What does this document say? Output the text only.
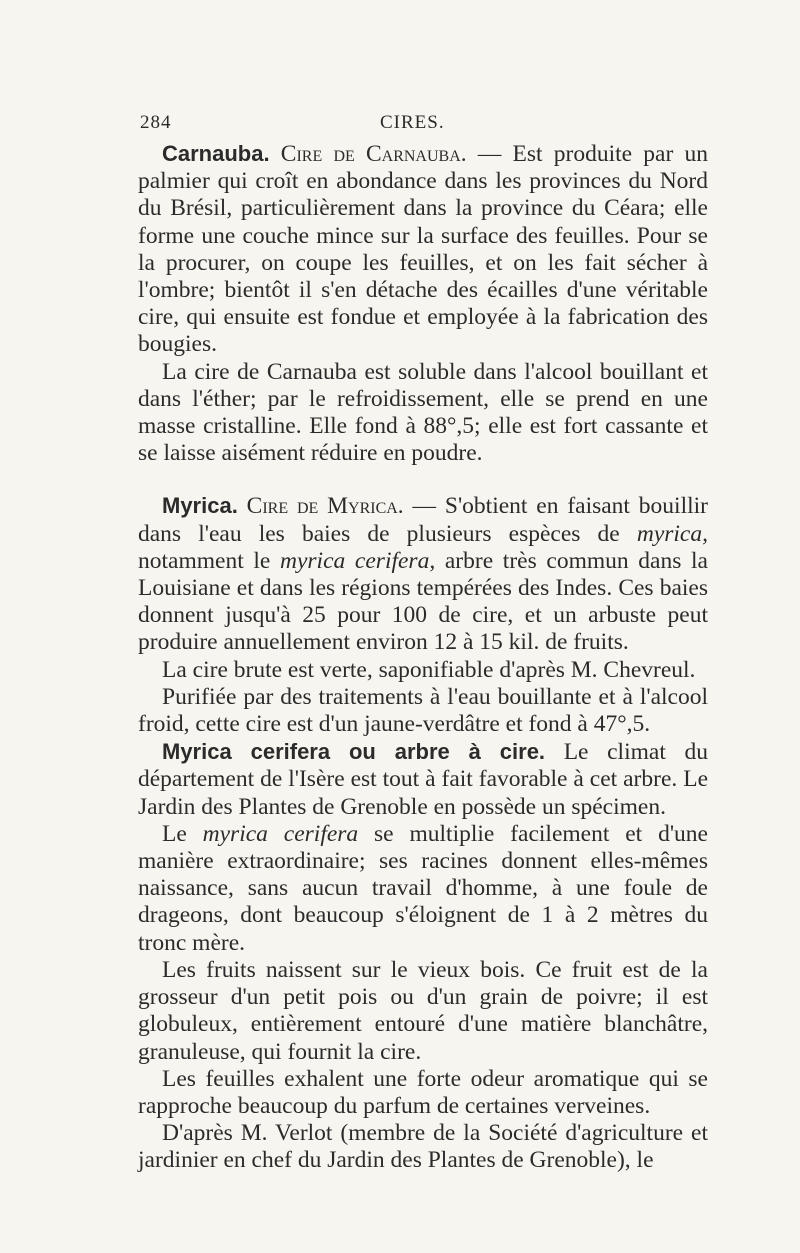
284	CIRES.

Carnauba. Cire de Carnauba. — Est produite par un palmier qui croît en abondance dans les provinces du Nord du Brésil, particulièrement dans la province du Céara; elle forme une couche mince sur la surface des feuilles. Pour se la procurer, on coupe les feuilles, et on les fait sécher à l'ombre; bientôt il s'en détache des écailles d'une véritable cire, qui ensuite est fondue et employée à la fabrication des bougies.

La cire de Carnauba est soluble dans l'alcool bouillant et dans l'éther; par le refroidissement, elle se prend en une masse cristalline. Elle fond à 88°,5; elle est fort cassante et se laisse aisément réduire en poudre.

Myrica. Cire de Myrica. — S'obtient en faisant bouillir dans l'eau les baies de plusieurs espèces de myrica, notamment le myrica cerifera, arbre très commun dans la Louisiane et dans les régions tempérées des Indes. Ces baies donnent jusqu'à 25 pour 100 de cire, et un arbuste peut produire annuellement environ 12 à 15 kil. de fruits.

La cire brute est verte, saponifiable d'après M. Chevreul.

Purifiée par des traitements à l'eau bouillante et à l'alcool froid, cette cire est d'un jaune-verdâtre et fond à 47°,5.

Myrica cerifera ou arbre à cire. Le climat du département de l'Isère est tout à fait favorable à cet arbre. Le Jardin des Plantes de Grenoble en possède un spécimen.

Le myrica cerifera se multiplie facilement et d'une manière extraordinaire; ses racines donnent elles-mêmes naissance, sans aucun travail d'homme, à une foule de drageons, dont beaucoup s'éloignent de 1 à 2 mètres du tronc mère.

Les fruits naissent sur le vieux bois. Ce fruit est de la grosseur d'un petit pois ou d'un grain de poivre; il est globuleux, entièrement entouré d'une matière blanchâtre, granuleuse, qui fournit la cire.

Les feuilles exhalent une forte odeur aromatique qui se rapproche beaucoup du parfum de certaines verveines.

D'après M. Verlot (membre de la Société d'agriculture et jardinier en chef du Jardin des Plantes de Grenoble), le
